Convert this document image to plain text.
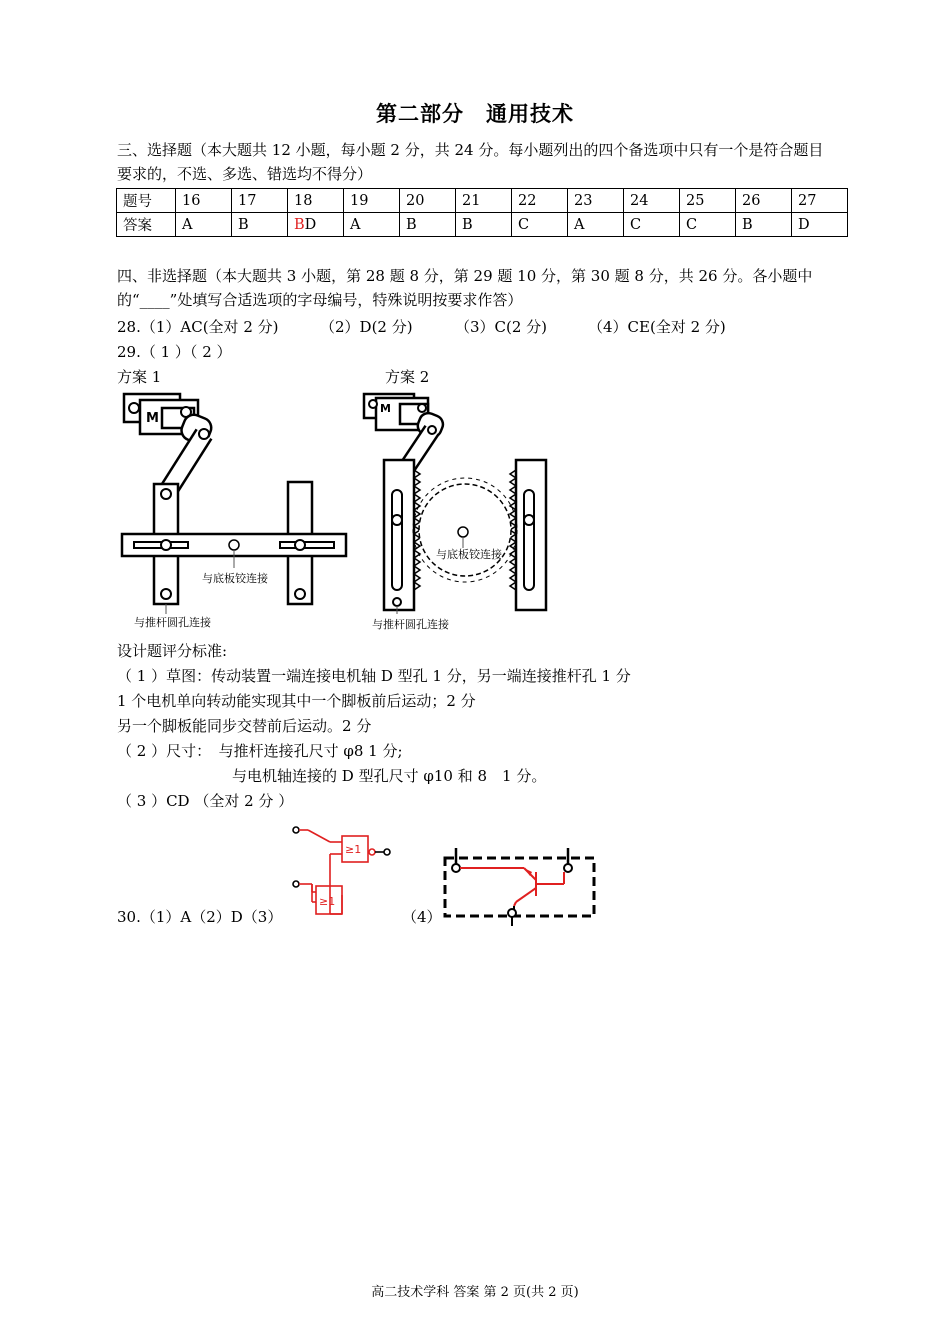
第二部分　通用技术
三、选择题（本大题共 12 小题，每小题 2 分，共 24 分。每小题列出的四个备选项中只有一个是符合题目要求的，不选、多选、错选均不得分）
题号	16	17	18	19	20	21	22	23	24	25	26	27
答案	A	B	BD	A	B	B	C	A	C	C	B	D
四、非选择题（本大题共 3 小题，第 28 题 8 分，第 29 题 10 分，第 30 题 8 分，共 26 分。各小题中的“____”处填写合适选项的字母编号，特殊说明按要求作答）
28.（1）AC(全对 2 分)	（2）D(2 分)	（3）C(2 分)	（4）CE(全对 2 分)
29.（ 1 ）（ 2 ）
方案 1	方案 2
M
与底板铰连接
与推杆圆孔连接
M
与底板铰连接
与推杆圆孔连接
设计题评分标准:
（ 1 ）草图：传动装置一端连接电机轴 D 型孔 1 分，另一端连接推杆孔 1 分
1 个电机单向转动能实现其中一个脚板前后运动；2 分
另一个脚板能同步交替前后运动。2 分
（ 2 ）尺寸：　与推杆连接孔尺寸 φ8 1 分;
与电机轴连接的 D 型孔尺寸 φ10 和 8　1 分。
（ 3 ）CD （全对 2 分 ）
≥1
≥1
30.（1）A（2）D（3）	（4）
高二技术学科 答案 第 2 页(共 2 页)
